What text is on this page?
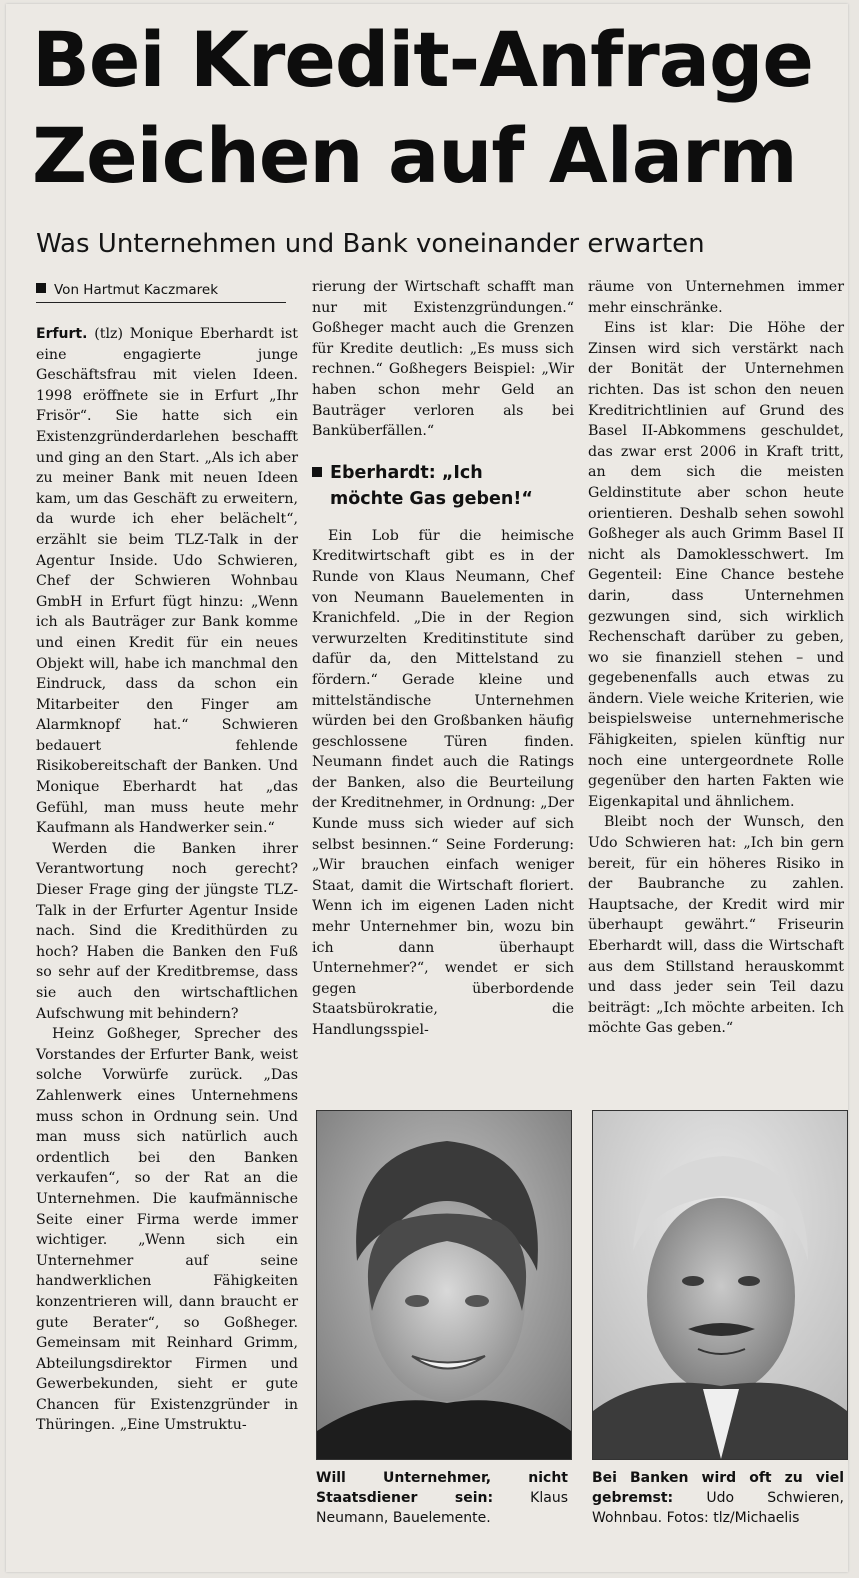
Bei Kredit-Anfrage
Zeichen auf Alarm
Was Unternehmen und Bank voneinander erwarten
Von Hartmut Kaczmarek

Erfurt. (tlz) Monique Eberhardt ist eine engagierte junge Geschäftsfrau mit vielen Ideen. 1998 eröffnete sie in Erfurt „Ihr Frisör“. Sie hatte sich ein Existenzgründerdarlehen beschafft und ging an den Start. „Als ich aber zu meiner Bank mit neuen Ideen kam, um das Geschäft zu erweitern, da wurde ich eher belächelt“, erzählt sie beim TLZ-Talk in der Agentur Inside. Udo Schwieren, Chef der Schwieren Wohnbau GmbH in Erfurt fügt hinzu: „Wenn ich als Bauträger zur Bank komme und einen Kredit für ein neues Objekt will, habe ich manchmal den Eindruck, dass da schon ein Mitarbeiter den Finger am Alarmknopf hat.“ Schwieren bedauert fehlende Risikobereitschaft der Banken. Und Monique Eberhardt hat „das Gefühl, man muss heute mehr Kaufmann als Handwerker sein.“

Werden die Banken ihrer Verantwortung noch gerecht? Dieser Frage ging der jüngste TLZ-Talk in der Erfurter Agentur Inside nach. Sind die Kredithürden zu hoch? Haben die Banken den Fuß so sehr auf der Kreditbremse, dass sie auch den wirtschaftlichen Aufschwung mit behindern?

Heinz Goßheger, Sprecher des Vorstandes der Erfurter Bank, weist solche Vorwürfe zurück. „Das Zahlenwerk eines Unternehmens muss schon in Ordnung sein. Und man muss sich natürlich auch ordentlich bei den Banken verkaufen“, so der Rat an die Unternehmen. Die kaufmännische Seite einer Firma werde immer wichtiger. „Wenn sich ein Unternehmer auf seine handwerklichen Fähigkeiten konzentrieren will, dann braucht er gute Berater“, so Goßheger. Gemeinsam mit Reinhard Grimm, Abteilungsdirektor Firmen und Gewerbekunden, sieht er gute Chancen für Existenzgründer in Thüringen. „Eine Umstruktu-

rierung der Wirtschaft schafft man nur mit Existenzgründungen.“ Goßheger macht auch die Grenzen für Kredite deutlich: „Es muss sich rechnen.“ Goßhegers Beispiel: „Wir haben schon mehr Geld an Bauträger verloren als bei Banküberfällen.“

Eberhardt: „Ich
möchte Gas geben!“

Ein Lob für die heimische Kreditwirtschaft gibt es in der Runde von Klaus Neumann, Chef von Neumann Bauelementen in Kranichfeld. „Die in der Region verwurzelten Kreditinstitute sind dafür da, den Mittelstand zu fördern.“ Gerade kleine und mittelständische Unternehmen würden bei den Großbanken häufig geschlossene Türen finden. Neumann findet auch die Ratings der Banken, also die Beurteilung der Kreditnehmer, in Ordnung: „Der Kunde muss sich wieder auf sich selbst besinnen.“ Seine Forderung: „Wir brauchen einfach weniger Staat, damit die Wirtschaft floriert. Wenn ich im eigenen Laden nicht mehr Unternehmer bin, wozu bin ich dann überhaupt Unternehmer?“, wendet er sich gegen überbordende Staatsbürokratie, die Handlungsspiel-

räume von Unternehmen immer mehr einschränke.

Eins ist klar: Die Höhe der Zinsen wird sich verstärkt nach der Bonität der Unternehmen richten. Das ist schon den neuen Kreditrichtlinien auf Grund des Basel II-Abkommens geschuldet, das zwar erst 2006 in Kraft tritt, an dem sich die meisten Geldinstitute aber schon heute orientieren. Deshalb sehen sowohl Goßheger als auch Grimm Basel II nicht als Damoklesschwert. Im Gegenteil: Eine Chance bestehe darin, dass Unternehmen gezwungen sind, sich wirklich Rechenschaft darüber zu geben, wo sie finanziell stehen – und gegebenenfalls auch etwas zu ändern. Viele weiche Kriterien, wie beispielsweise unternehmerische Fähigkeiten, spielen künftig nur noch eine untergeordnete Rolle gegenüber den harten Fakten wie Eigenkapital und ähnlichem.

Bleibt noch der Wunsch, den Udo Schwieren hat: „Ich bin gern bereit, für ein höheres Risiko in der Baubranche zu zahlen. Hauptsache, der Kredit wird mir überhaupt gewährt.“ Friseurin Eberhardt will, dass die Wirtschaft aus dem Stillstand herauskommt und dass jeder sein Teil dazu beiträgt: „Ich möchte arbeiten. Ich möchte Gas geben.“

Will Unternehmer, nicht Staatsdiener sein:	Klaus Neumann, Bauelemente.
Bei Banken wird oft zu viel gebremst: Udo Schwieren, Wohnbau. Fotos: tlz/Michaelis
